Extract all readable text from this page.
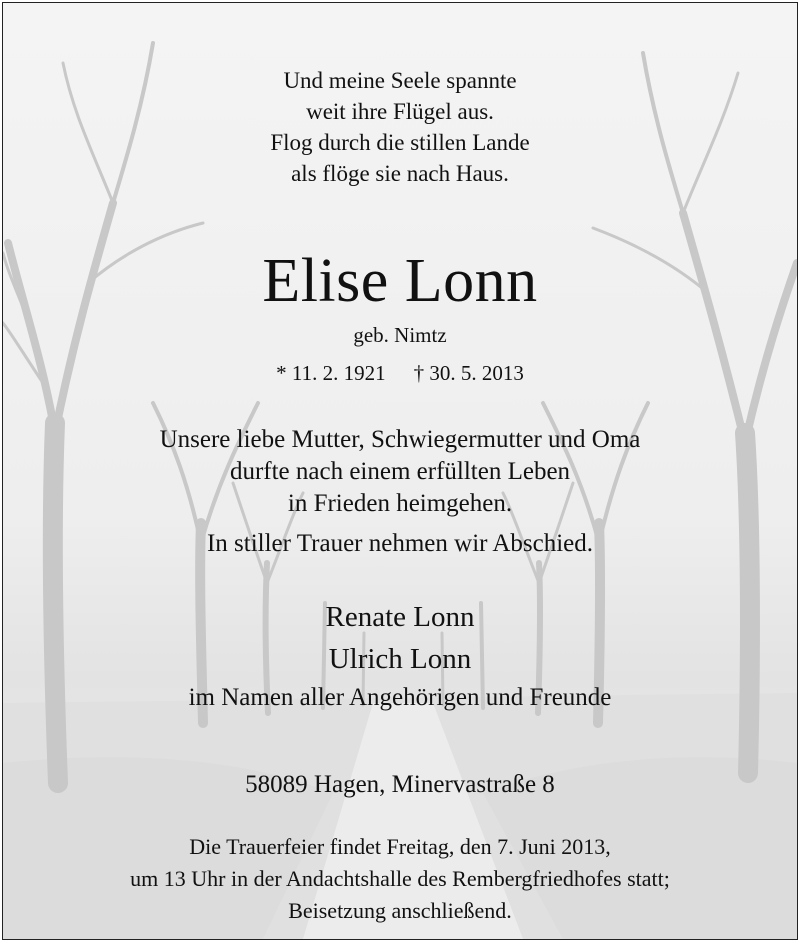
Und meine Seele spannte
weit ihre Flügel aus.
Flog durch die stillen Lande
als flöge sie nach Haus.
Elise Lonn
geb. Nimtz
* 11. 2. 1921 † 30. 5. 2013
Unsere liebe Mutter, Schwiegermutter und Oma
durfte nach einem erfüllten Leben
in Frieden heimgehen.
In stiller Trauer nehmen wir Abschied.
Renate Lonn
Ulrich Lonn
im Namen aller Angehörigen und Freunde
58089 Hagen, Minervastraße 8
Die Trauerfeier findet Freitag, den 7. Juni 2013,
um 13 Uhr in der Andachtshalle des Rembergfriedhofes statt;
Beisetzung anschließend.
